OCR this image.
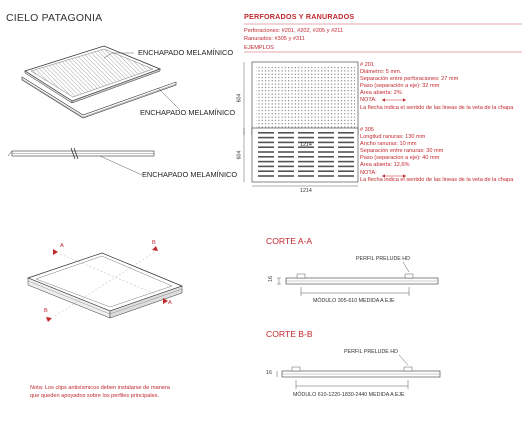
CIELO PATAGONIA	PERFORADOS Y RANURADOS
Perforaciones: #201, #202, #205 y #211
Ranurados: #305 y #311
EJEMPLOS
ENCHAPADO MELAMÍNICO
ENCHAPADO MELAMÍNICO
ENCHAPADO MELAMÍNICO
1214
604
# 201
Diámetro: 5 mm.
Separación entre perforaciones: 27 mm
Paso (separación a eje): 32 mm
Área abierta: 2%
NOTA:
La flecha indica el sentido de las lineas de la veta de la chapa
1214
604
# 305
Longitud ranuras: 130 mm
Ancho ranuras: 10 mm
Separación entre ranuras: 30 mm
Paso (separacion a eje): 40 mm
Área abierta: 12,6%
NOTA:
La flecha indica el sentido de las lineas de la veta de la chapa
A
A
B
B
CORTE A-A
PERFIL PRELUDE HD
16
MÓDULO 305-610 MEDIDA A EJE
CORTE B-B
PERFIL PRELUDE HD
16
MÓDULO 610-1220-1830-2440 MEDIDA A EJE
Nota: Los clips antisísmicos deben instalarse de manera
que queden apoyados sobre los perfiles principales.
